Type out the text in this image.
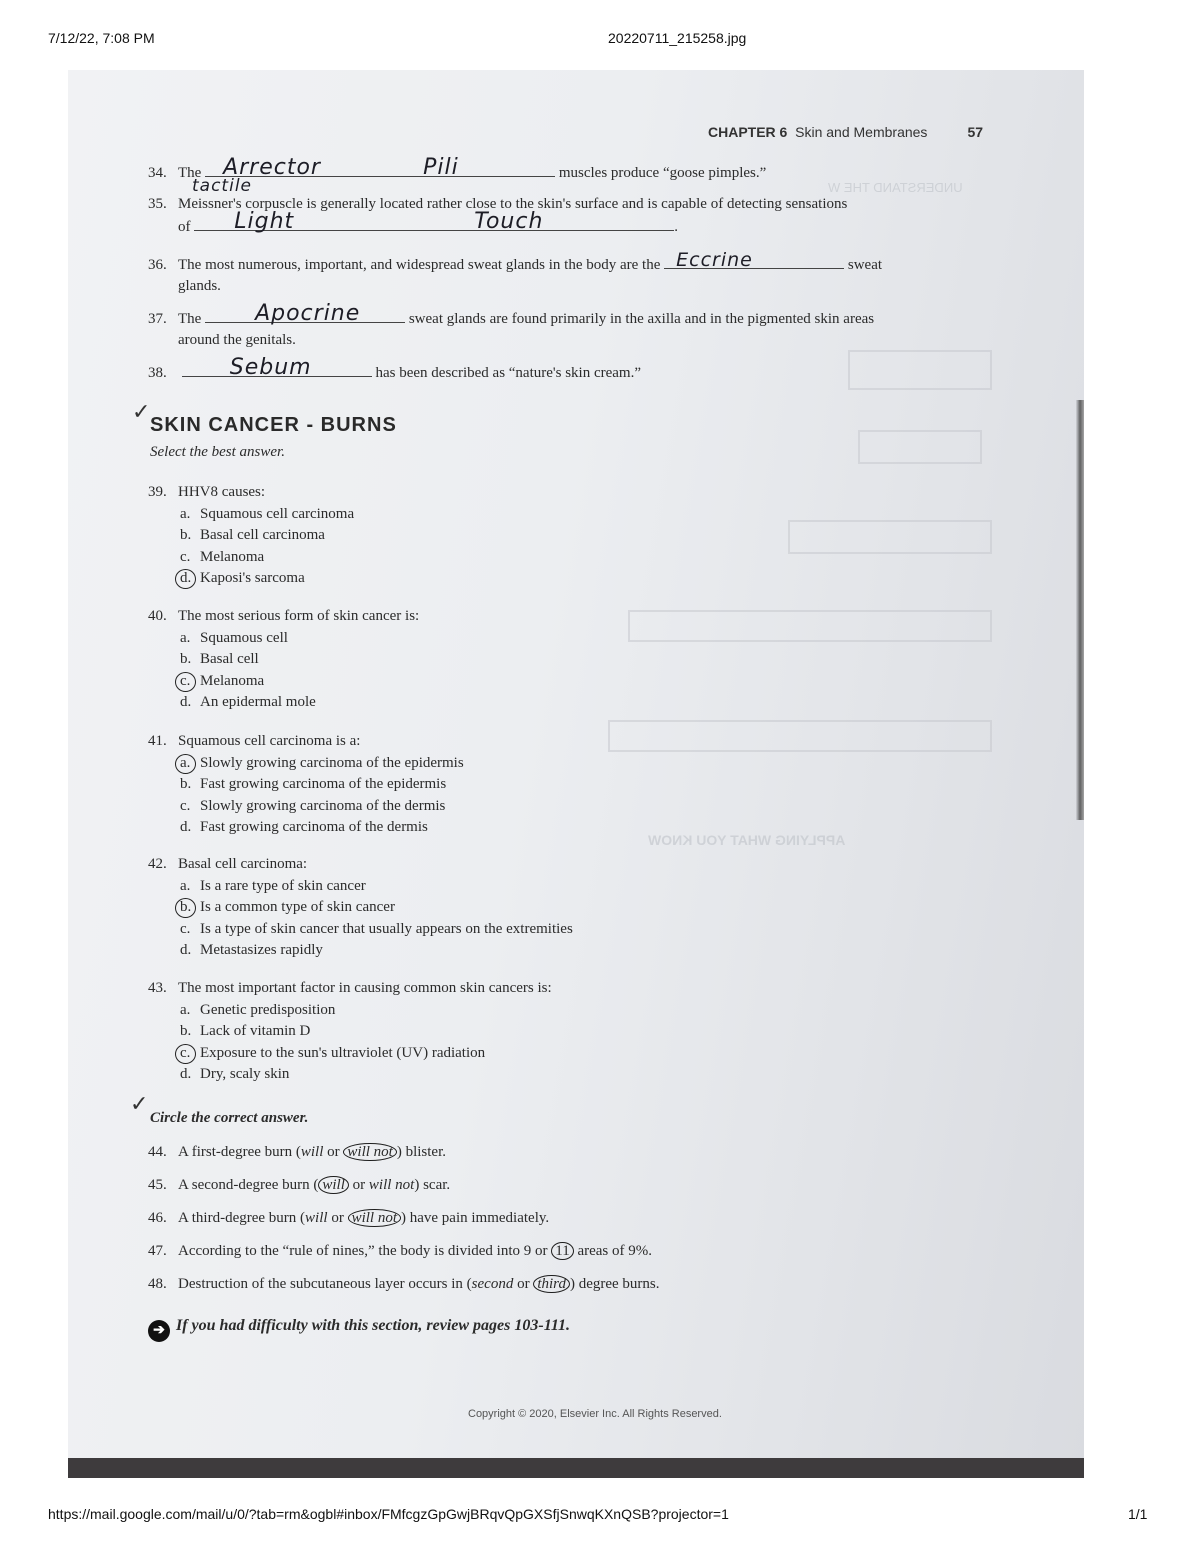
7/12/22, 7:08 PM	20220711_215258.jpg
UNDERSTAND THE W
APPLYING WHAT YOU KNOW
CHAPTER 6 Skin and Membranes	57
34. The Arrector	Pili	muscles produce “goose pimples.”
35. Meissner's corpuscle is generally located rather close to the skin's surface and is capable of detecting sensations
tactile
of Light	Touch	.
36. The most numerous, important, and widespread sweat glands in the body are the Eccrine	sweat
glands.
37. The Apocrine	sweat glands are found primarily in the axilla and in the pigmented skin areas
around the genitals.
38.	Sebum	has been described as “nature's skin cream.”
✓ SKIN CANCER - BURNS
Select the best answer.
39. HHV8 causes:
a. Squamous cell carcinoma
b. Basal cell carcinoma
c. Melanoma
d. Kaposi's sarcoma
40. The most serious form of skin cancer is:
a. Squamous cell
b. Basal cell
c. Melanoma
d. An epidermal mole
41. Squamous cell carcinoma is a:
a. Slowly growing carcinoma of the epidermis
b. Fast growing carcinoma of the epidermis
c. Slowly growing carcinoma of the dermis
d. Fast growing carcinoma of the dermis
42. Basal cell carcinoma:
a. Is a rare type of skin cancer
b. Is a common type of skin cancer
c. Is a type of skin cancer that usually appears on the extremities
d. Metastasizes rapidly
43. The most important factor in causing common skin cancers is:
a. Genetic predisposition
b. Lack of vitamin D
c. Exposure to the sun's ultraviolet (UV) radiation
d. Dry, scaly skin
✓
Circle the correct answer.
44. A first-degree burn (will or will not ) blister.
45. A second-degree burn ( will or will not) scar.
46. A third-degree burn (will or will not ) have pain immediately.
47. According to the “rule of nines,” the body is divided into 9 or 11 areas of 9%.
48. Destruction of the subcutaneous layer occurs in (second or third ) degree burns.
➔ If you had difficulty with this section, review pages 103-111.
Copyright © 2020, Elsevier Inc. All Rights Reserved.
https://mail.google.com/mail/u/0/?tab=rm&ogbl#inbox/FMfcgzGpGwjBRqvQpGXSfjSnwqKXnQSB?projector=1	1/1
